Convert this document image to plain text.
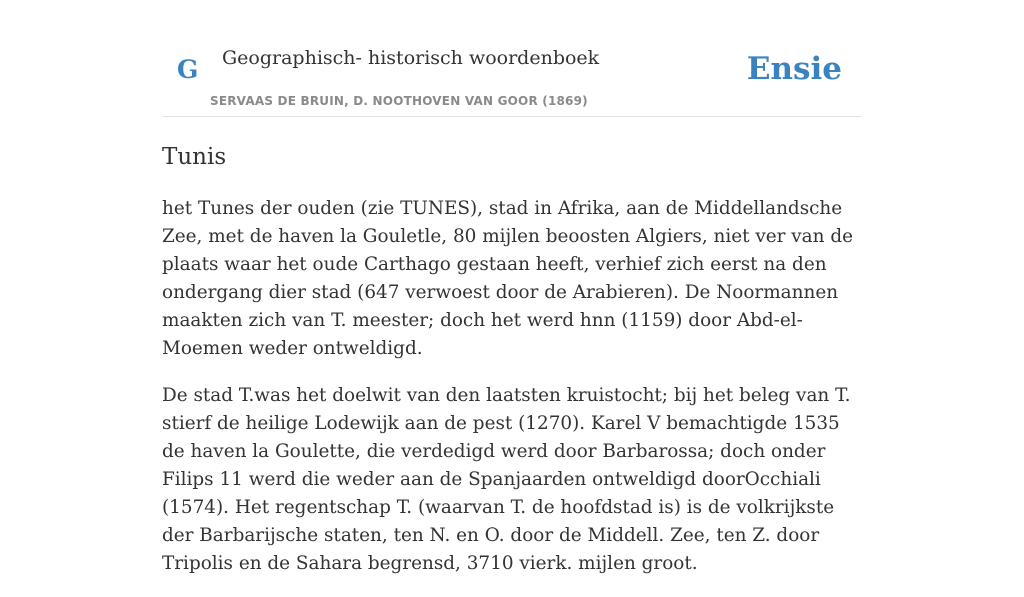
G Geographisch- historisch woordenboek
SERVAAS DE BRUIN, D. NOOTHOVEN VAN GOOR (1869)
Ensie
Tunis

het Tunes der ouden (zie TUNES), stad in Afrika, aan de Middellandsche Zee, met de haven la Gouletle, 80 mijlen beoosten Algiers, niet ver van de plaats waar het oude Carthago gestaan heeft, verhief zich eerst na den ondergang dier stad (647 verwoest door de Arabieren). De Noormannen maakten zich van T. meester; doch het werd hnn (1159) door Abd-el-Moemen weder ontweldigd.

De stad T.was het doelwit van den laatsten kruistocht; bij het beleg van T. stierf de heilige Lodewijk aan de pest (1270). Karel V bemachtigde 1535 de haven la Goulette, die verdedigd werd door Barbarossa; doch onder Filips 11 werd die weder aan de Spanjaarden ontweldigd doorOcchiali (1574). Het regentschap T. (waarvan T. de hoofdstad is) is de volkrijkste der Barbarijsche staten, ten N. en O. door de Middell. Zee, ten Z. door Tripolis en de Sahara begrensd, 3710 vierk. mijlen groot.
